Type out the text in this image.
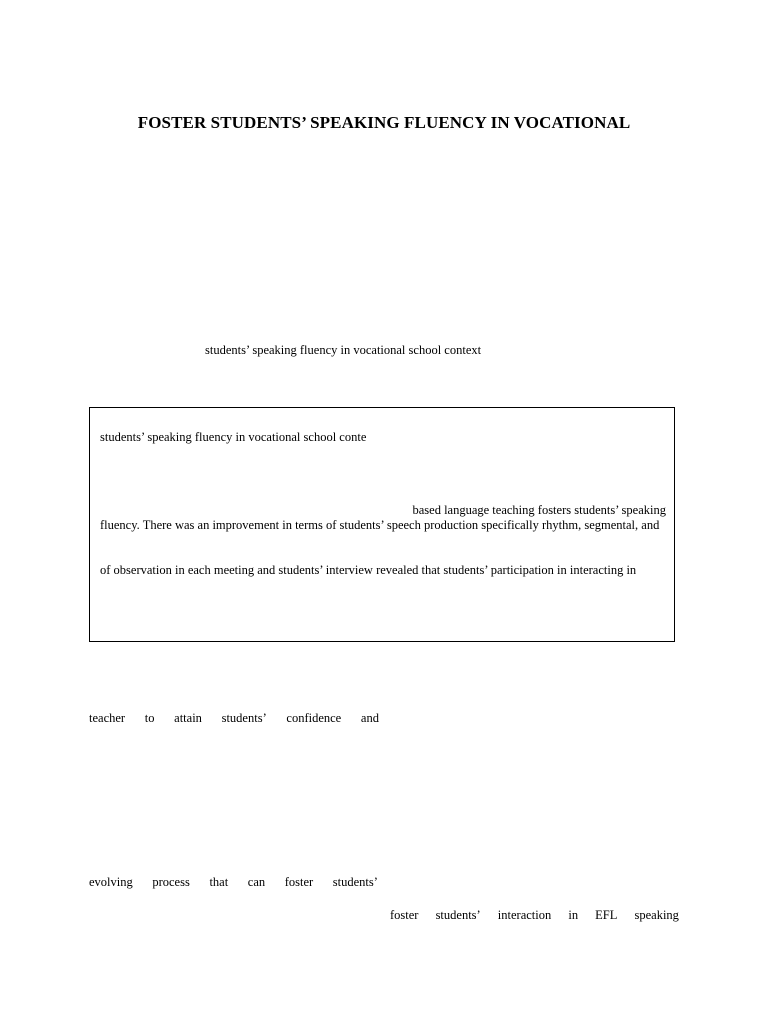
FOSTER STUDENTS’ SPEAKING FLUENCY IN VOCATIONAL
students’ speaking fluency in vocational school context
students’ speaking fluency in vocational school conte
based language teaching fosters students’ speaking
fluency. There was an improvement in terms of students’ speech production specifically rhythm, segmental, and
of observation in each meeting and students’ interview revealed that students’ participation in interacting in
teacher to attain students’ confidence and
evolving process that can foster students’
foster students’ interaction in EFL speaking
